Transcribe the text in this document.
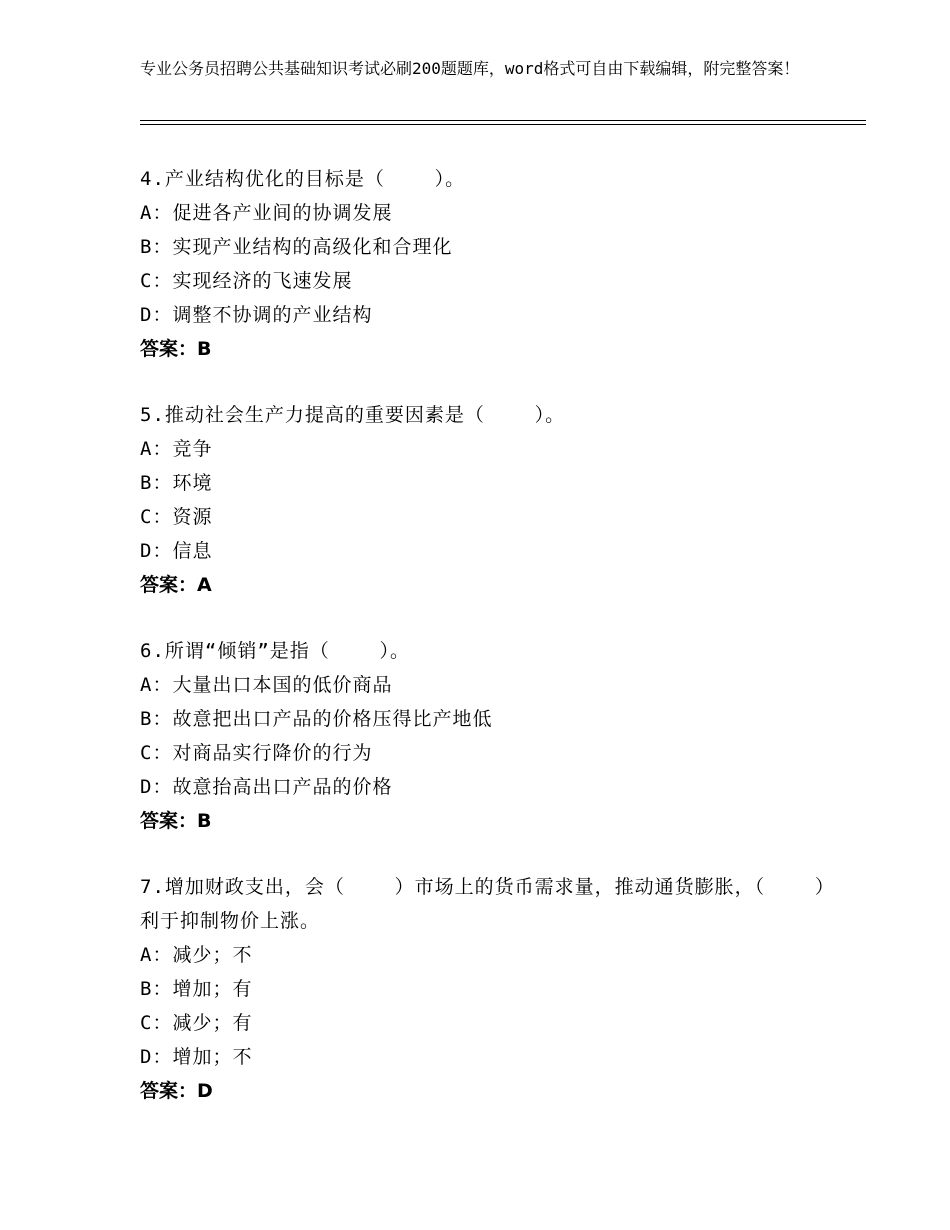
专业公务员招聘公共基础知识考试必刷200题题库，word格式可自由下载编辑，附完整答案！
4.产业结构优化的目标是（    ）。
A：促进各产业间的协调发展
B：实现产业结构的高级化和合理化
C：实现经济的飞速发展
D：调整不协调的产业结构
答案：B
5.推动社会生产力提高的重要因素是（    ）。
A：竞争
B：环境
C：资源
D：信息
答案：A
6.所谓“倾销”是指（    ）。
A：大量出口本国的低价商品
B：故意把出口产品的价格压得比产地低
C：对商品实行降价的行为
D：故意抬高出口产品的价格
答案：B
7.增加财政支出，会（    ）市场上的货币需求量，推动通货膨胀，（    ）利于抑制物价上涨。
A：减少；不
B：增加；有
C：减少；有
D：增加；不
答案：D
